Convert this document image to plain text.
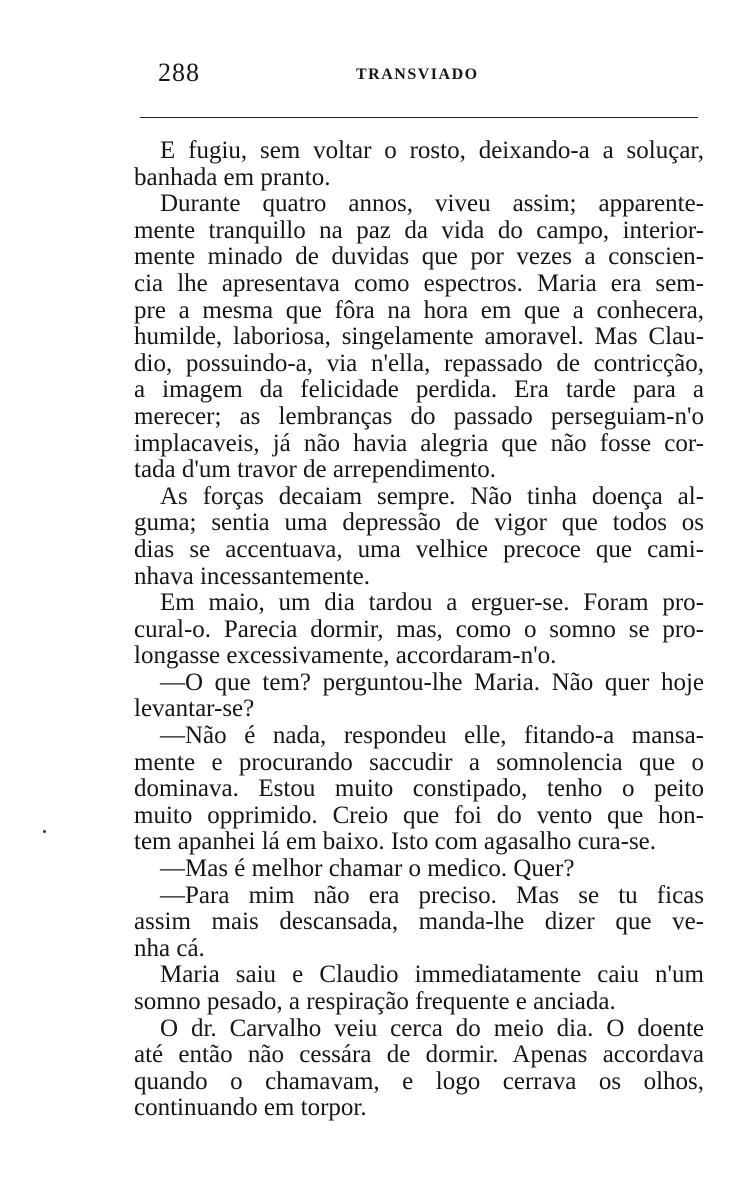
288	TRANSVIADO
E fugiu, sem voltar o rosto, deixando-a a soluçar,
banhada em pranto.
Durante quatro annos, viveu assim; apparente-
mente tranquillo na paz da vida do campo, interior-
mente minado de duvidas que por vezes a conscien-
cia lhe apresentava como espectros. Maria era sem-
pre a mesma que fôra na hora em que a conhecera,
humilde, laboriosa, singelamente amoravel. Mas Clau-
dio, possuindo-a, via n'ella, repassado de contricção,
a imagem da felicidade perdida. Era tarde para a
merecer; as lembranças do passado perseguiam-n'o
implacaveis, já não havia alegria que não fosse cor-
tada d'um travor de arrependimento.
As forças decaiam sempre. Não tinha doença al-
guma; sentia uma depressão de vigor que todos os
dias se accentuava, uma velhice precoce que cami-
nhava incessantemente.
Em maio, um dia tardou a erguer-se. Foram pro-
cural-o. Parecia dormir, mas, como o somno se pro-
longasse excessivamente, accordaram-n'o.
—O que tem? perguntou-lhe Maria. Não quer hoje
levantar-se?
—Não é nada, respondeu elle, fitando-a mansa-
mente e procurando saccudir a somnolencia que o
dominava. Estou muito constipado, tenho o peito
muito opprimido. Creio que foi do vento que hon-
tem apanhei lá em baixo. Isto com agasalho cura-se.
—Mas é melhor chamar o medico. Quer?
—Para mim não era preciso. Mas se tu ficas
assim mais descansada, manda-lhe dizer que ve-
nha cá.
Maria saiu e Claudio immediatamente caiu n'um
somno pesado, a respiração frequente e anciada.
O dr. Carvalho veiu cerca do meio dia. O doente
até então não cessára de dormir. Apenas accordava
quando o chamavam, e logo cerrava os olhos,
continuando em torpor.
